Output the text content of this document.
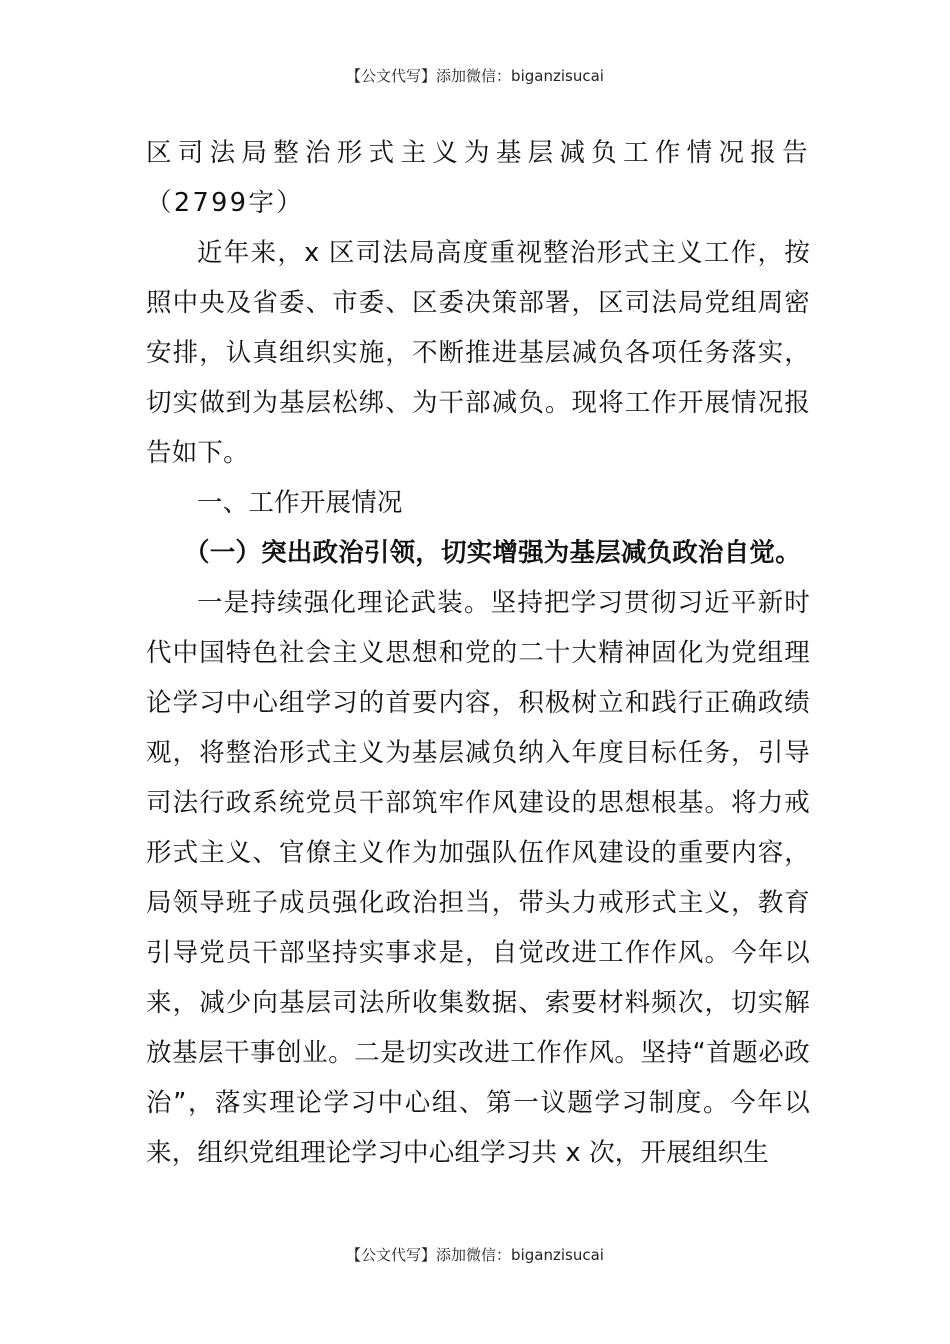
【公文代写】添加微信：biganzisucai

区司法局整治形式主义为基层减负工作情况报告（2799字）

近年来，x 区司法局高度重视整治形式主义工作，按照中央及省委、市委、区委决策部署，区司法局党组周密安排，认真组织实施，不断推进基层减负各项任务落实，切实做到为基层松绑、为干部减负。现将工作开展情况报告如下。

一、工作开展情况

（一）突出政治引领，切实增强为基层减负政治自觉。

一是持续强化理论武装。坚持把学习贯彻习近平新时代中国特色社会主义思想和党的二十大精神固化为党组理论学习中心组学习的首要内容，积极树立和践行正确政绩观，将整治形式主义为基层减负纳入年度目标任务，引导司法行政系统党员干部筑牢作风建设的思想根基。将力戒形式主义、官僚主义作为加强队伍作风建设的重要内容，局领导班子成员强化政治担当，带头力戒形式主义，教育引导党员干部坚持实事求是，自觉改进工作作风。今年以来，减少向基层司法所收集数据、索要材料频次，切实解放基层干事创业。二是切实改进工作作风。坚持“首题必政治”，落实理论学习中心组、第一议题学习制度。今年以来，组织党组理论学习中心组学习共 x 次，开展组织生

【公文代写】添加微信：biganzisucai
